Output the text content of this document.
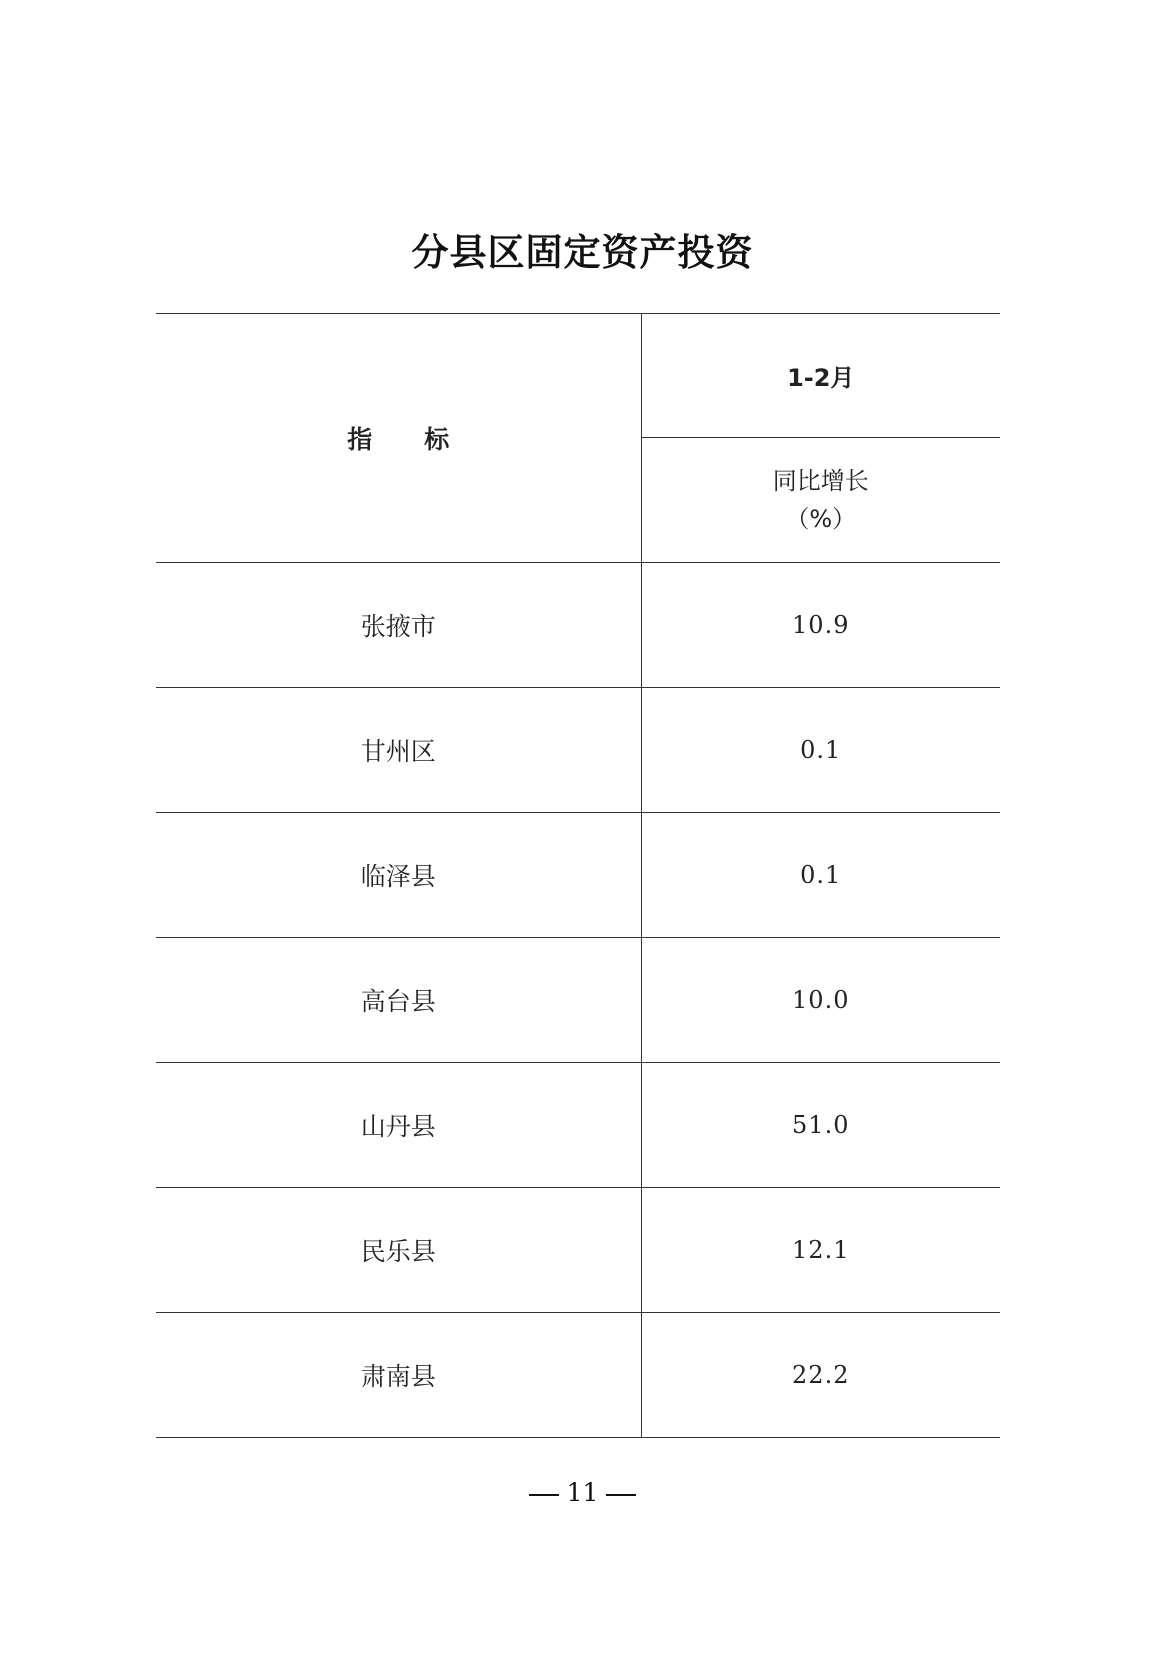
分县区固定资产投资
指 标	1-2月

	同比增长
（%）

张掖市	10.9
甘州区	0.1
临泽县	0.1
高台县	10.0
山丹县	51.0
民乐县	12.1
肃南县	22.2
11
